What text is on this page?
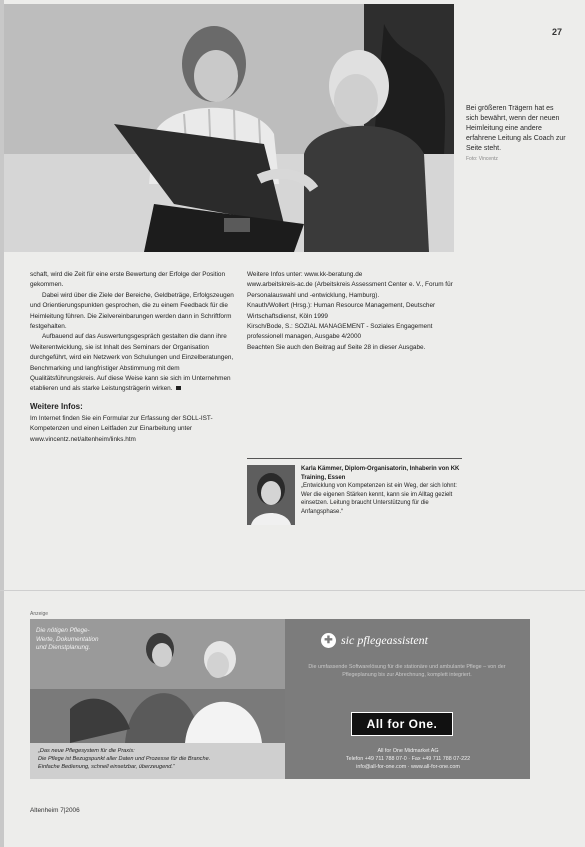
27
Bei größeren Trägern hat es sich bewährt, wenn der neuen Heimleitung eine andere erfahrene Leitung als Coach zur Seite steht.
Foto: Vincentz

schaft, wird die Zeit für eine erste Bewertung der Erfolge der Position gekommen.

Dabei wird über die Ziele der Bereiche, Geldbeträge, Erfolgszeugen und Orientierungspunkten gesprochen, die zu einem Feedback für die Heimleitung führen. Die Zielvereinbarungen werden dann in Schriftform festgehalten.

Aufbauend auf das Auswertungsgespräch gestalten die dann ihre Weiterentwicklung, sie ist Inhalt des Seminars der Organisation durchgeführt, wird ein Netzwerk von Schulungen und Einzelberatungen, Benchmarking und langfristiger Abstimmung mit dem Qualitätsführungskreis. Auf diese Weise kann sie sich im Unternehmen etablieren und als starke Leistungsträgerin wirken.

Weitere Infos:

Im Internet finden Sie ein Formular zur Erfassung der SOLL-IST-Kompetenzen und einen Leitfaden zur Einarbeitung unter www.vincentz.net/altenheim/links.htm

Weitere Infos unter: www.kk-beratung.de

www.arbeitskreis-ac.de (Arbeitskreis Assessment Center e. V., Forum für Personalauswahl und -entwicklung, Hamburg).

Knauth/Wollert (Hrsg.): Human Resource Management, Deutscher Wirtschaftsdienst, Köln 1999

Kirsch/Bode, S.: SOZIAL MANAGEMENT - Soziales Engagement professionell managen, Ausgabe 4/2000

Beachten Sie auch den Beitrag auf Seite 28 in dieser Ausgabe.

Karla Kämmer, Diplom-Organisatorin, Inhaberin von KK Training, Essen
„Entwicklung von Kompetenzen ist ein Weg, der sich lohnt: Wer die eigenen Stärken kennt, kann sie im Alltag gezielt einsetzen. Leitung braucht Unterstützung für die Anfangsphase.“
Anzeige
Die nötigen Pflege-
Werte, Dokumentation
und Dienstplanung.
„Das neue Pflegesystem für die Praxis:
Die Pflege ist Bezugspunkt aller Daten und Prozesse für die Branche.
Einfache Bedienung, schnell einsetzbar, überzeugend.“
✚ sic pflegeassistent
Die umfassende Softwarelösung für die stationäre und ambulante Pflege – von der Pflegeplanung bis zur Abrechnung, komplett integriert.
All for One.
All for One Midmarket AG
Telefon +49 711 788 07-0 · Fax +49 711 788 07-222
info@all-for-one.com · www.all-for-one.com
Altenheim 7|2006
